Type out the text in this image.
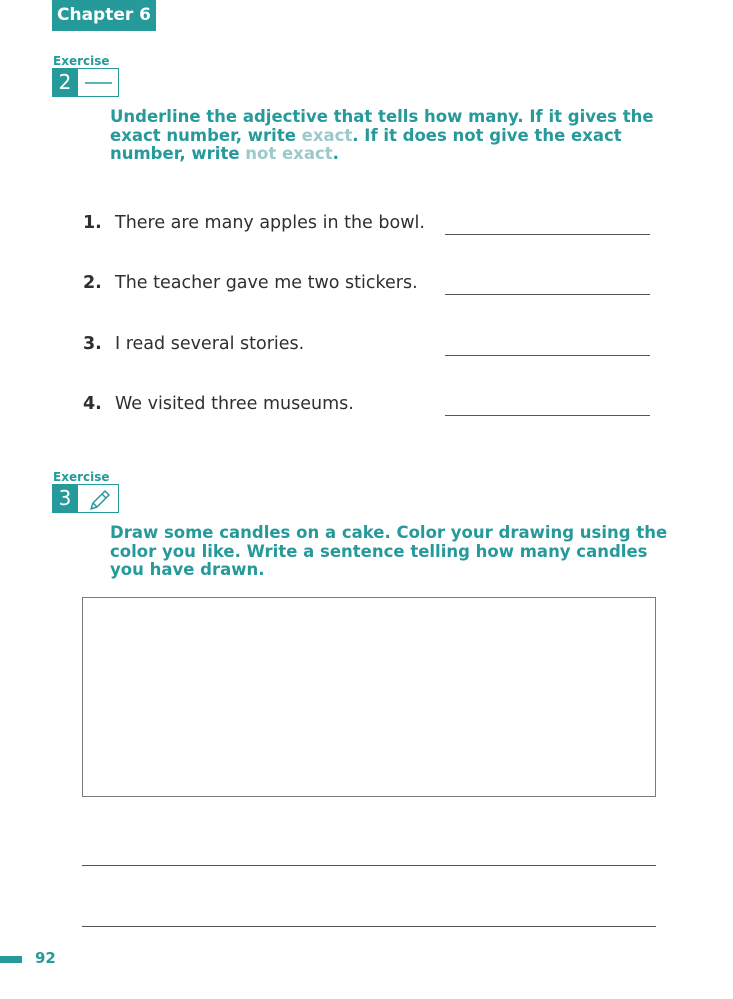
Chapter 6
Exercise
2
Underline the adjective that tells how many. If it gives the exact number, write exact. If it does not give the exact number, write not exact.
1. There are many apples in the bowl.
2. The teacher gave me two stickers.
3. I read several stories.
4. We visited three museums.
Exercise
3
Draw some candles on a cake. Color your drawing using the color you like. Write a sentence telling how many candles you have drawn.
92
